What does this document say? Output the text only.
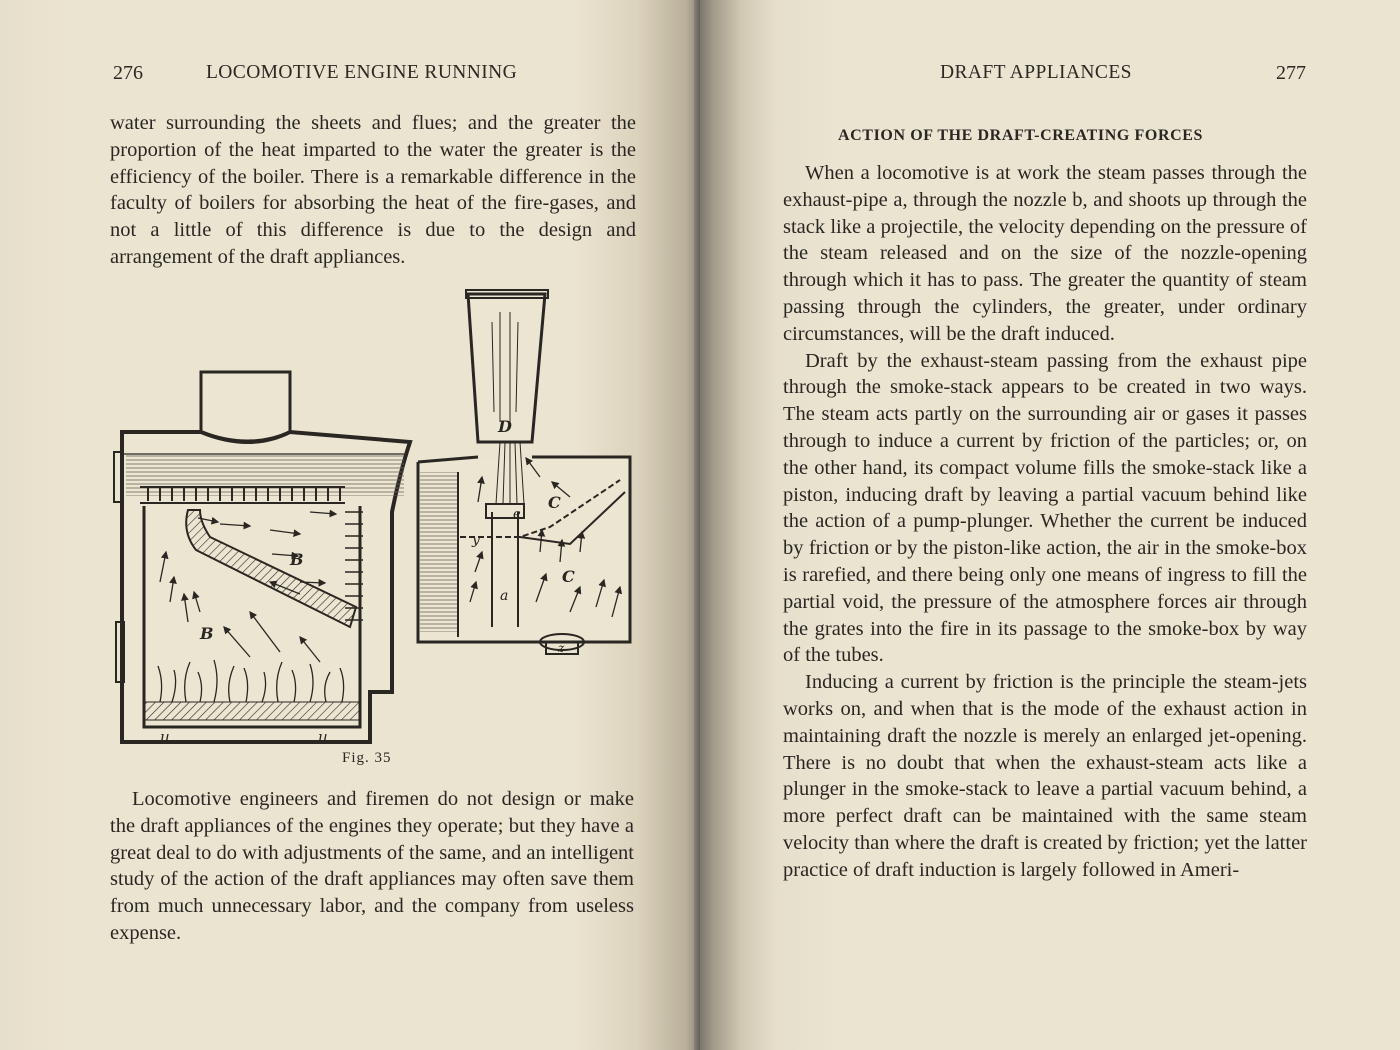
276	LOCOMOTIVE ENGINE RUNNING

water surrounding the sheets and flues; and the greater the proportion of the heat imparted to the water the greater is the efficiency of the boiler. There is a remarkable difference in the faculty of boilers for absorbing the heat of the fire-gases, and not a little of this difference is due to the design and arrangement of the draft appliances.

B
B
u	u
D
C
C
e
y
a
z
Fig. 35

Locomotive engineers and firemen do not design or make the draft appliances of the engines they operate; but they have a great deal to do with adjustments of the same, and an intelligent study of the action of the draft appliances may often save them from much unnecessary labor, and the company from useless expense.

DRAFT APPLIANCES	277
ACTION OF THE DRAFT-CREATING FORCES

When a locomotive is at work the steam passes through the exhaust-pipe a, through the nozzle b, and shoots up through the stack like a projectile, the velocity depending on the pressure of the steam released and on the size of the nozzle-opening through which it has to pass. The greater the quantity of steam passing through the cylinders, the greater, under ordinary circumstances, will be the draft induced.

Draft by the exhaust-steam passing from the exhaust pipe through the smoke-stack appears to be created in two ways. The steam acts partly on the surrounding air or gases it passes through to induce a current by friction of the particles; or, on the other hand, its compact volume fills the smoke-stack like a piston, inducing draft by leaving a partial vacuum behind like the action of a pump-plunger. Whether the current be induced by friction or by the piston-like action, the air in the smoke-box is rarefied, and there being only one means of ingress to fill the partial void, the pressure of the atmosphere forces air through the grates into the fire in its passage to the smoke-box by way of the tubes.

Inducing a current by friction is the principle the steam-jets works on, and when that is the mode of the exhaust action in maintaining draft the nozzle is merely an enlarged jet-opening. There is no doubt that when the exhaust-steam acts like a plunger in the smoke-stack to leave a partial vacuum behind, a more perfect draft can be maintained with the same steam velocity than where the draft is created by friction; yet the latter practice of draft induction is largely followed in Ameri-
